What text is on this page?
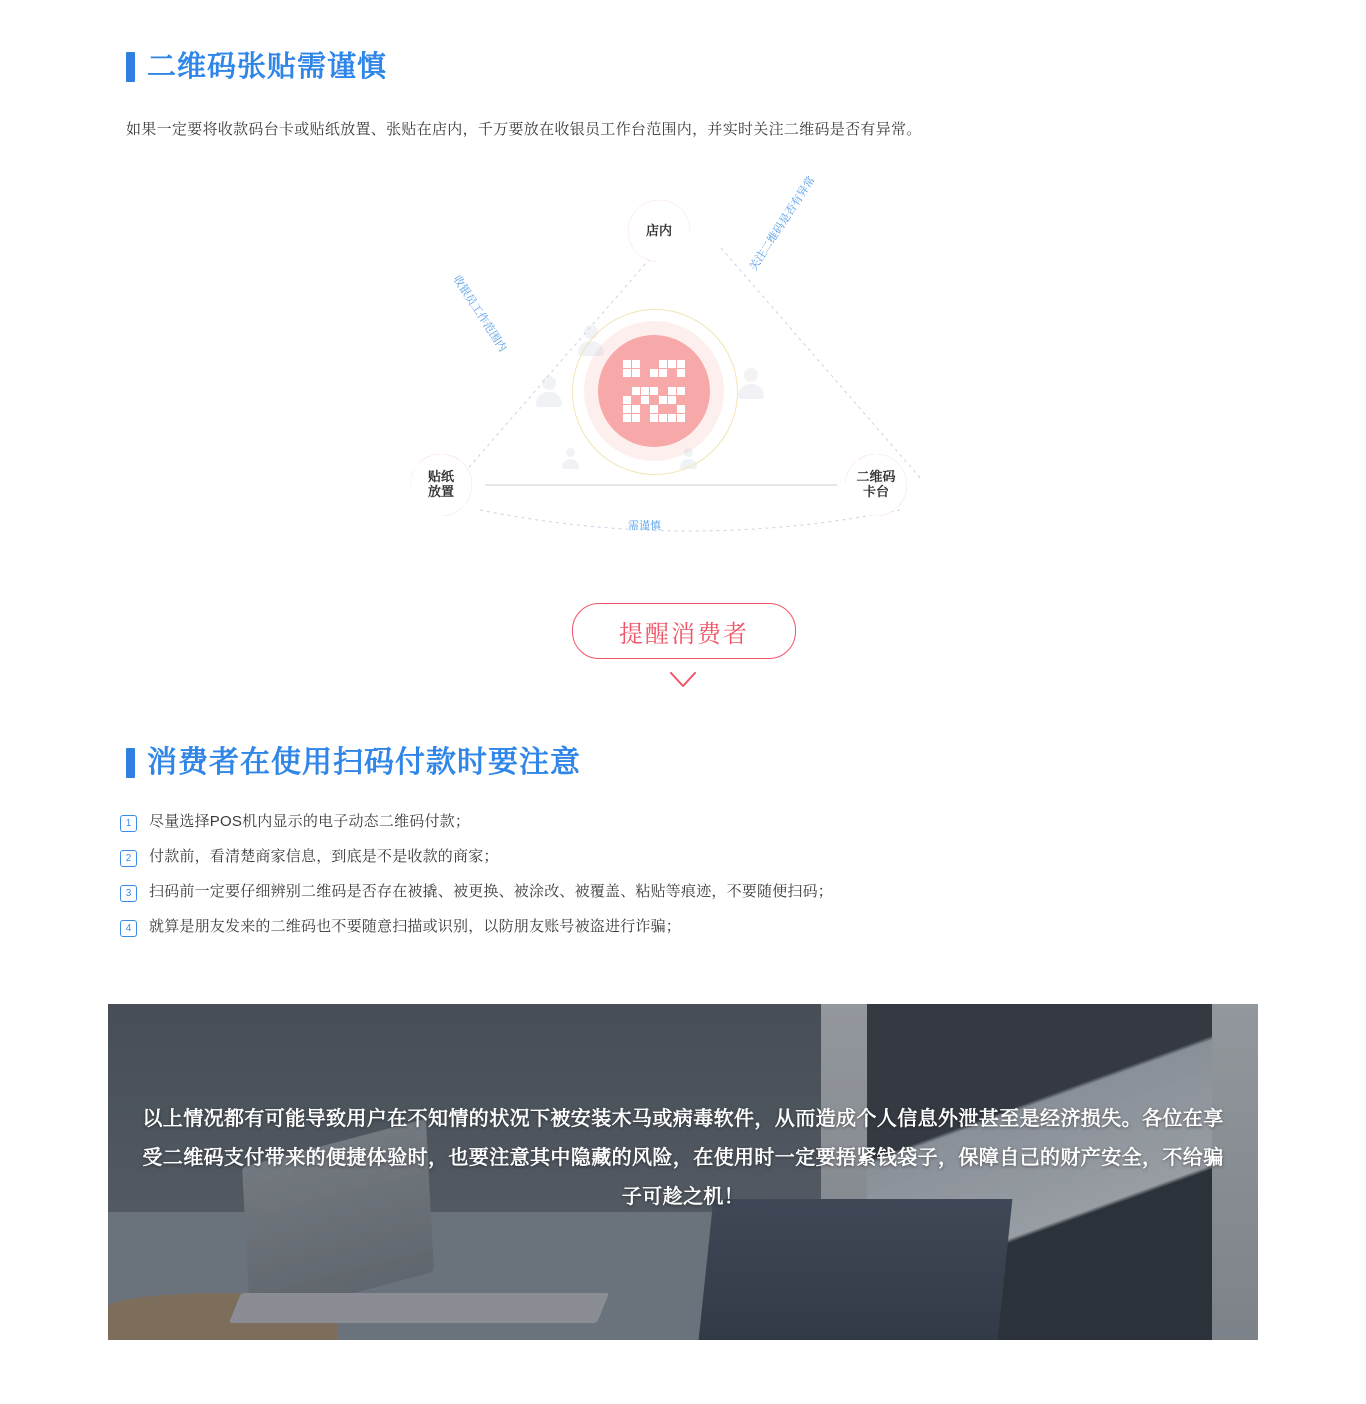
二维码张贴需谨慎
如果一定要将收款码台卡或贴纸放置、张贴在店内，千万要放在收银员工作台范围内，并实时关注二维码是否有异常。
店内
贴纸
放置
二维码
卡台
收银员工作范围内
关注二维码是否有异常
需谨慎
提醒消费者
消费者在使用扫码付款时要注意
1	尽量选择POS机内显示的电子动态二维码付款；
2	付款前，看清楚商家信息，到底是不是收款的商家；
3	扫码前一定要仔细辨别二维码是否存在被撬、被更换、被涂改、被覆盖、粘贴等痕迹，不要随便扫码；
4	就算是朋友发来的二维码也不要随意扫描或识别，以防朋友账号被盗进行诈骗；
以上情况都有可能导致用户在不知情的状况下被安装木马或病毒软件，从而造成个人信息外泄甚至是经济损失。各位在享受二维码支付带来的便捷体验时，也要注意其中隐藏的风险，在使用时一定要捂紧钱袋子，保障自己的财产安全，不给骗子可趁之机！
